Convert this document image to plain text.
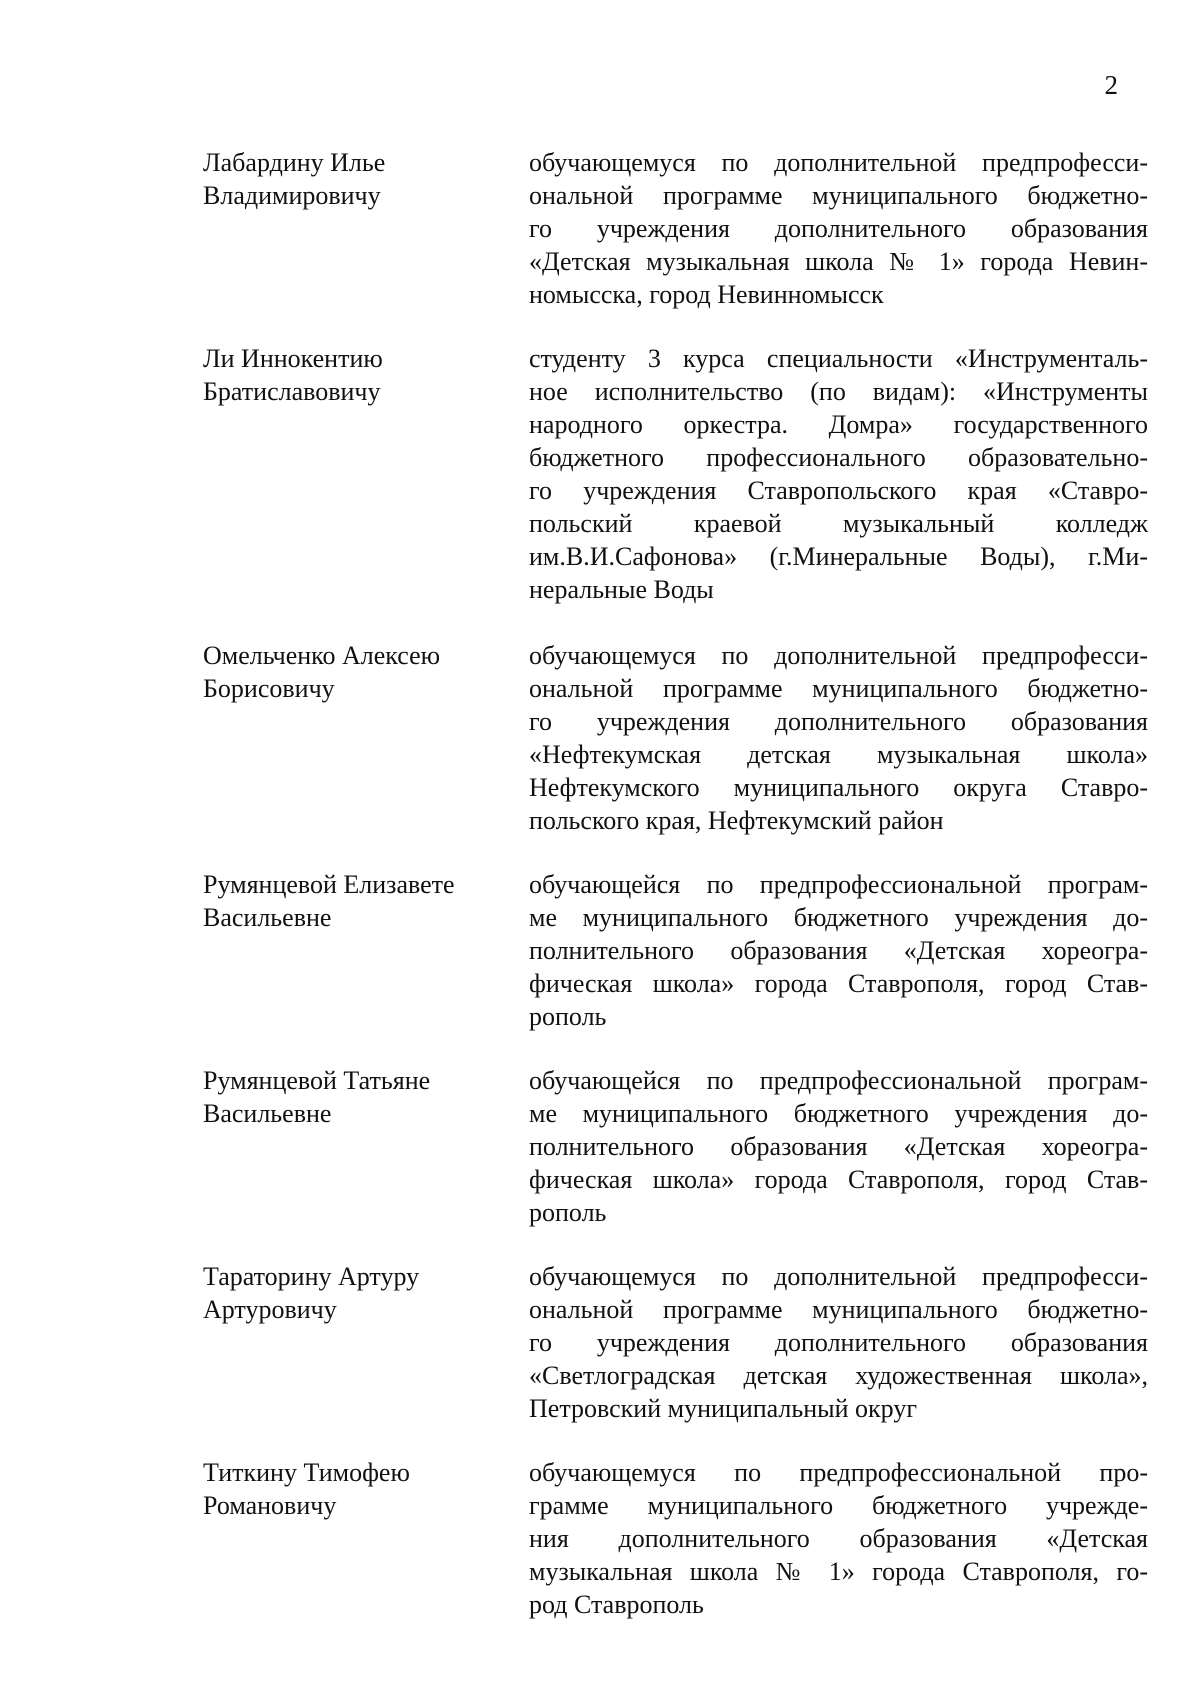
2
Лабардину Илье
Владимировичу
обучающемуся по дополнительной предпрофесси-
ональной программе муниципального бюджетно-
го учреждения дополнительного образования
«Детская музыкальная школа № 1» города Невин-
номысска, город Невинномысск
Ли Иннокентию
Братиславовичу
студенту 3 курса специальности «Инструменталь-
ное исполнительство (по видам): «Инструменты
народного оркестра. Домра» государственного
бюджетного профессионального образовательно-
го учреждения Ставропольского края «Ставро-
польский краевой музыкальный колледж
им.В.И.Сафонова» (г.Минеральные Воды), г.Ми-
неральные Воды
Омельченко Алексею
Борисовичу
обучающемуся по дополнительной предпрофесси-
ональной программе муниципального бюджетно-
го учреждения дополнительного образования
«Нефтекумская детская музыкальная школа»
Нефтекумского муниципального округа Ставро-
польского края, Нефтекумский район
Румянцевой Елизавете
Васильевне
обучающейся по предпрофессиональной програм-
ме муниципального бюджетного учреждения до-
полнительного образования «Детская хореогра-
фическая школа» города Ставрополя, город Став-
рополь
Румянцевой Татьяне
Васильевне
обучающейся по предпрофессиональной програм-
ме муниципального бюджетного учреждения до-
полнительного образования «Детская хореогра-
фическая школа» города Ставрополя, город Став-
рополь
Тараторину Артуру
Артуровичу
обучающемуся по дополнительной предпрофесси-
ональной программе муниципального бюджетно-
го учреждения дополнительного образования
«Светлоградская детская художественная школа»,
Петровский муниципальный округ
Титкину Тимофею
Романовичу
обучающемуся по предпрофессиональной про-
грамме муниципального бюджетного учрежде-
ния дополнительного образования «Детская
музыкальная школа № 1» города Ставрополя, го-
род Ставрополь
